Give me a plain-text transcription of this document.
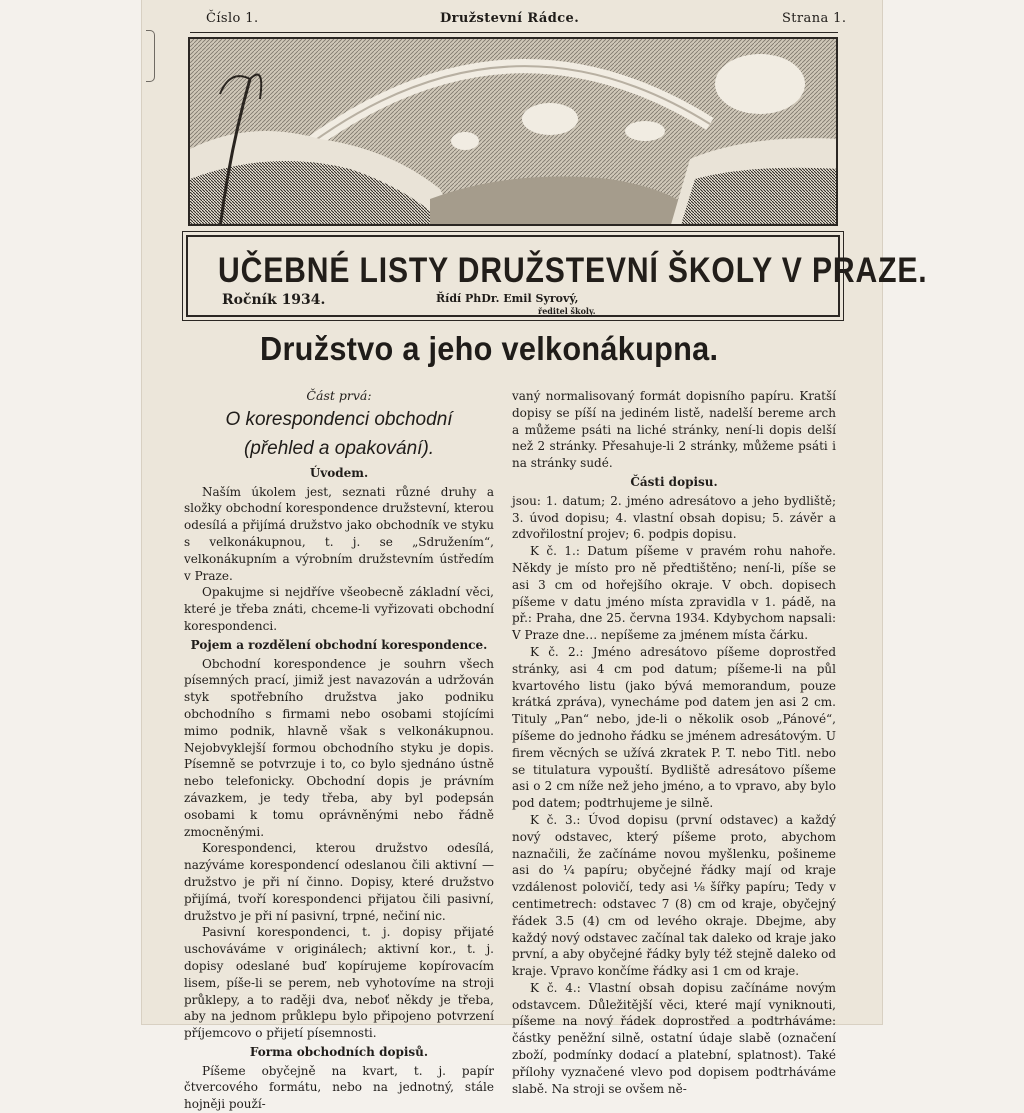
Číslo 1.	Družstevní Rádce.	Strana 1.
UČEBNÉ LISTY DRUŽSTEVNÍ ŠKOLY V PRAZE.
Ročník 1934.	Řídí PhDr. Emil Syrový,
ředitel školy.
Družstvo a jeho velkonákupna.

Část prvá:

O korespondenci obchodní

(přehled a opakování).

Úvodem.

Naším úkolem jest, seznati různé druhy a složky obchodní korespondence družstevní, kterou odesílá a přijímá družstvo jako obchodník ve styku s velkonákupnou, t. j. se „Sdružením“, velkonákupním a výrobním družstevním ústředím v Praze.

Opakujme si nejdříve všeobecně základní věci, které je třeba znáti, chceme-li vyřizovati obchodní korespondenci.

Pojem a rozdělení obchodní korespondence.

Obchodní korespondence je souhrn všech písemných prací, jimiž jest navazován a udržován styk spotřebního družstva jako podniku obchodního s firmami nebo osobami stojícími mimo podnik, hlavně však s velkonákupnou. Nejobvyklejší formou obchodního styku je dopis. Písemně se potvrzuje i to, co bylo sjednáno ústně nebo telefonicky. Obchodní dopis je právním závazkem, je tedy třeba, aby byl podepsán osobami k tomu oprávněnými nebo řádně zmocněnými.

Korespondenci, kterou družstvo odesílá, nazýváme korespondencí odeslanou čili aktivní — družstvo je při ní činno. Dopisy, které družstvo přijímá, tvoří korespondenci přijatou čili pasivní, družstvo je při ní pasivní, trpné, nečiní nic.

Pasivní korespondenci, t. j. dopisy přijaté uschováváme v originálech; aktivní kor., t. j. dopisy odeslané buď kopírujeme kopírovacím lisem, píše-li se perem, neb vyhotovíme na stroji průklepy, a to raději dva, neboť někdy je třeba, aby na jednom průklepu bylo připojeno potvrzení příjemcovo o přijetí písemnosti.

Forma obchodních dopisů.

Píšeme obyčejně na kvart, t. j. papír čtvercového formátu, nebo na jednotný, stále hojněji použí-

vaný normalisovaný formát dopisního papíru. Kratší dopisy se píší na jediném listě, nadelší bereme arch a můžeme psáti na liché stránky, není-li dopis delší než 2 stránky. Přesahuje-li 2 stránky, můžeme psáti i na stránky sudé.

Části dopisu.

jsou: 1. datum; 2. jméno adresátovo a jeho bydliště; 3. úvod dopisu; 4. vlastní obsah dopisu; 5. závěr a zdvořilostní projev; 6. podpis dopisu.

K č. 1.: Datum píšeme v pravém rohu nahoře. Někdy je místo pro ně předtištěno; není-li, píše se asi 3 cm od hořejšího okraje. V obch. dopisech píšeme v datu jméno místa zpravidla v 1. pádě, na př.: Praha, dne 25. června 1934. Kdybychom napsali: V Praze dne… nepíšeme za jménem místa čárku.

K č. 2.: Jméno adresátovo píšeme doprostřed stránky, asi 4 cm pod datum; píšeme-li na půl kvartového listu (jako bývá memorandum, pouze krátká zpráva), vynecháme pod datem jen asi 2 cm. Tituly „Pan“ nebo, jde-li o několik osob „Pánové“, píšeme do jednoho řádku se jménem adresátovým. U firem věcných se užívá zkratek P. T. nebo Titl. nebo se titulatura vypouští. Bydliště adresátovo píšeme asi o 2 cm níže než jeho jméno, a to vpravo, aby bylo pod datem; podtrhujeme je silně.

K č. 3.: Úvod dopisu (první odstavec) a každý nový odstavec, který píšeme proto, abychom naznačili, že začínáme novou myšlenku, pošineme asi do ¼ papíru; obyčejné řádky mají od kraje vzdálenost polovičí, tedy asi ⅛ šířky papíru; Tedy v centimetrech: odstavec 7 (8) cm od kraje, obyčejný řádek 3.5 (4) cm od levého okraje. Dbejme, aby každý nový odstavec začínal tak daleko od kraje jako první, a aby obyčejné řádky byly též stejně daleko od kraje. Vpravo končíme řádky asi 1 cm od kraje.

K č. 4.: Vlastní obsah dopisu začínáme novým odstavcem. Důležitější věci, které mají vyniknouti, píšeme na nový řádek doprostřed a podtrháváme: částky peněžní silně, ostatní údaje slabě (označení zboží, podmínky dodací a platební, splatnost). Také přílohy vyznačené vlevo pod dopisem podtrháváme slabě. Na stroji se ovšem ně-
